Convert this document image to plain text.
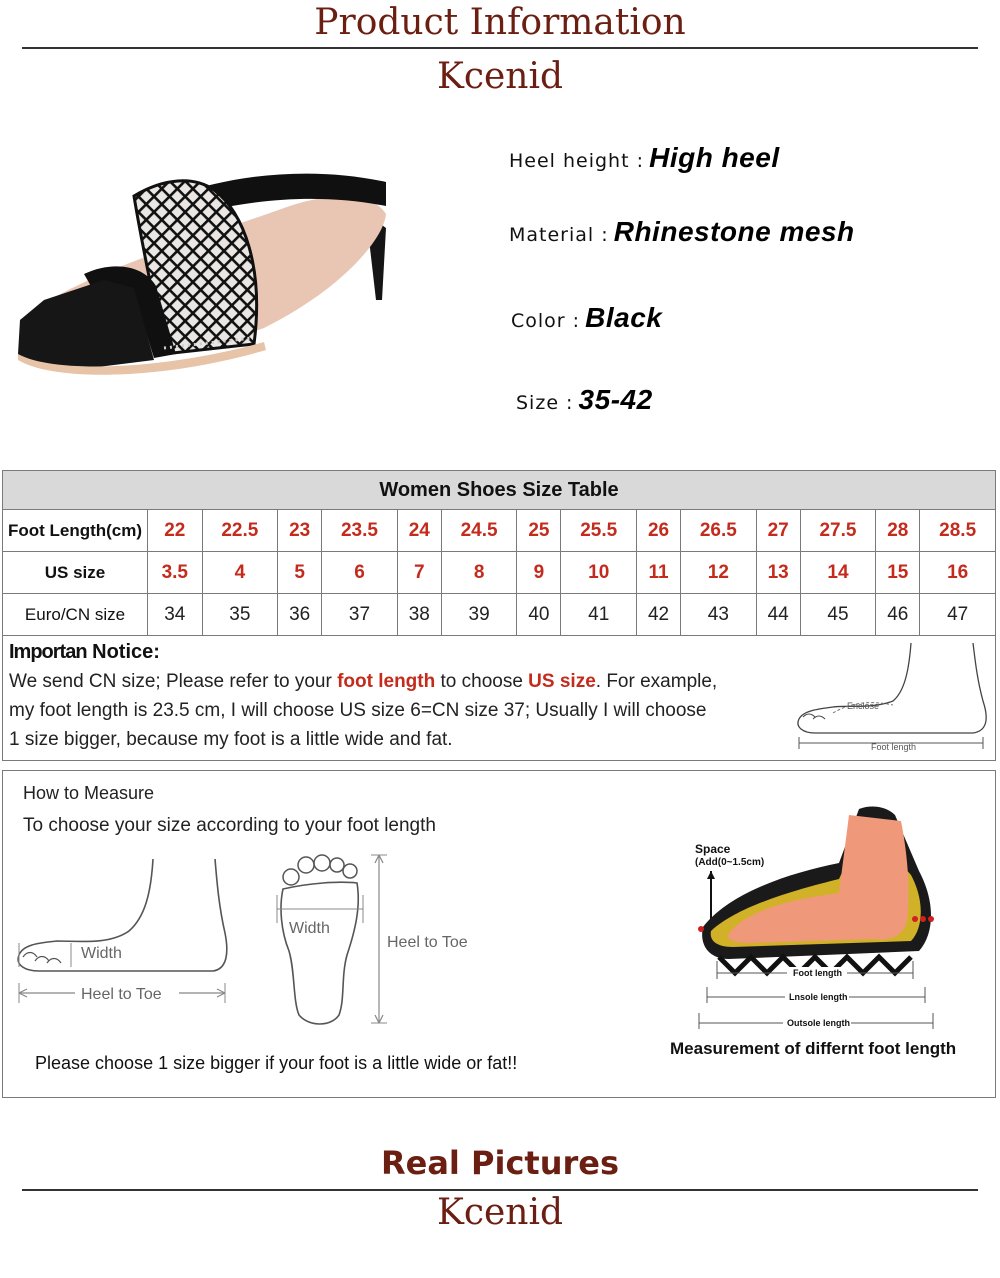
Product Information
Kcenid
Heel height : High heel
Material : Rhinestone mesh
Color : Black
Size : 35-42
Women Shoes Size Table														
Foot Length(cm)	22	22.5	23	23.5	24	24.5	25	25.5	26	26.5	27	27.5	28	28.5
US size	3.5	4	5	6	7	8	9	10	11	12	13	14	15	16
Euro/CN size	34	35	36	37	38	39	40	41	42	43	44	45	46	47
Importan Notice:
We send CN size; Please refer to your foot length to choose US size. For example,
my foot length is 23.5 cm, I will choose US size 6=CN size 37; Usually I will choose
1 size bigger, because my foot is a little wide and fat.
Enclose
Foot length
How to Measure
To choose your size according to your foot length
Width
Heel to Toe
Width
Heel to Toe
Please choose 1 size bigger if your foot is a little wide or fat!!
Space
(Add(0~1.5cm)
Foot length
Lnsole length
Outsole length
Measurement of differnt foot length
Real Pictures
Kcenid
